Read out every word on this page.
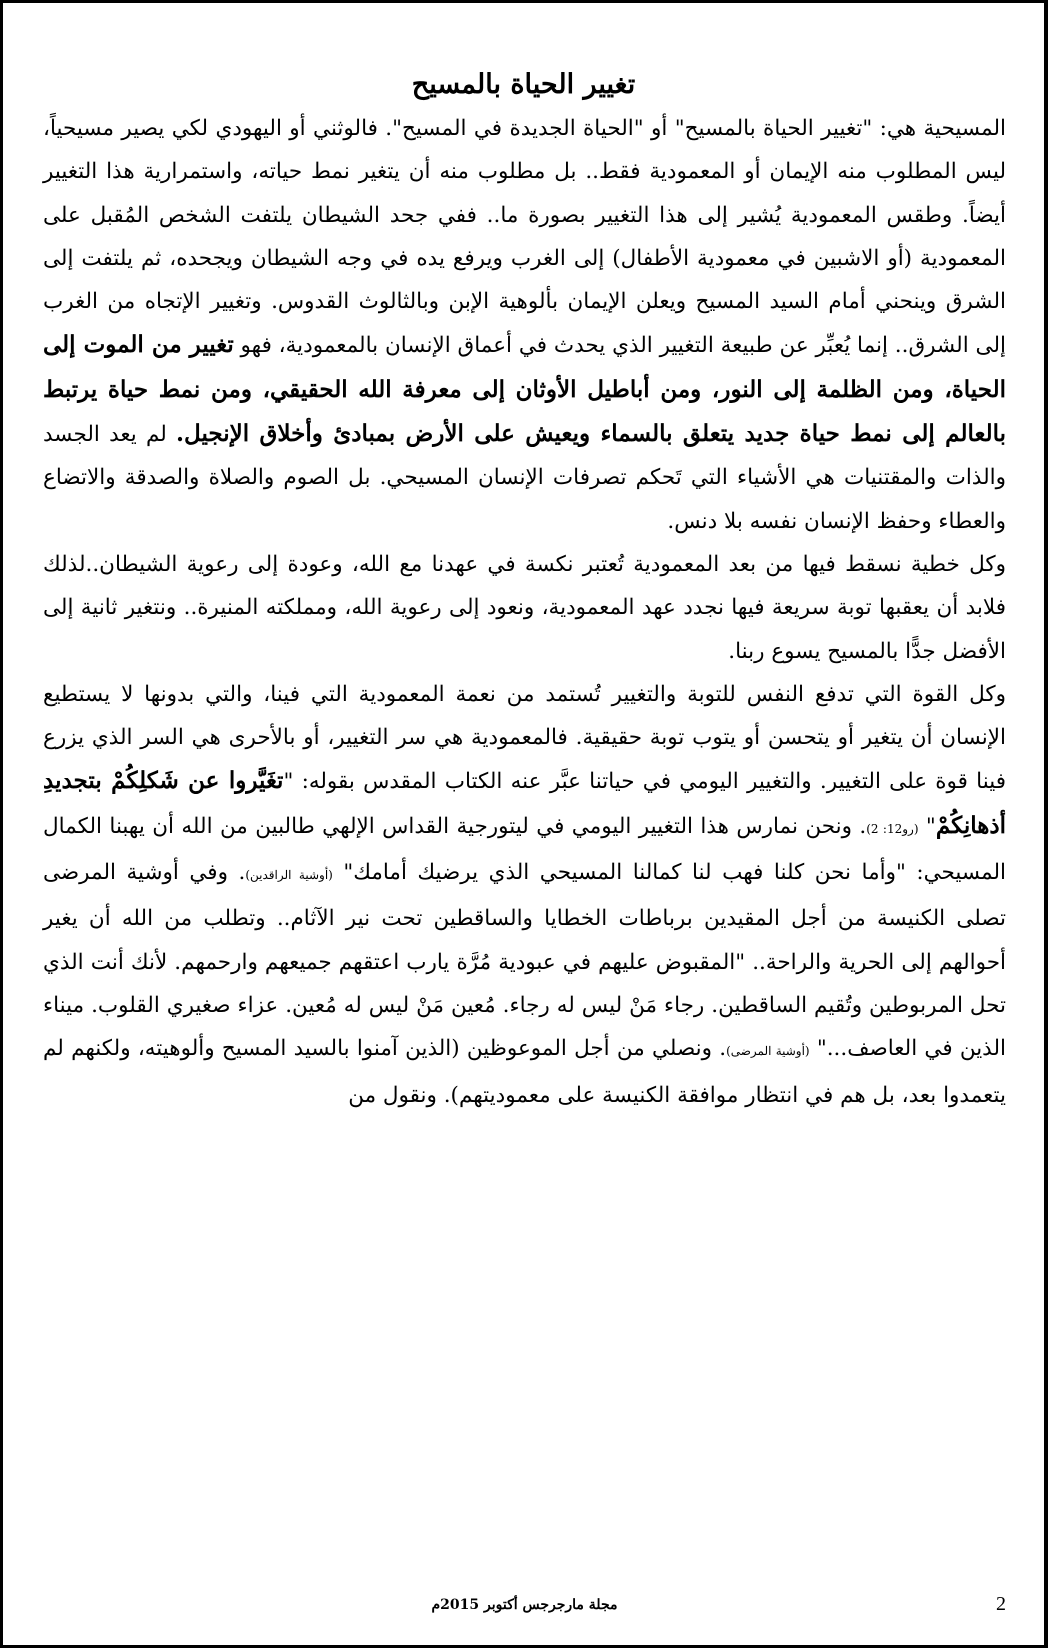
تغيير الحياة بالمسيح

المسيحية هي: "تغيير الحياة بالمسيح" أو "الحياة الجديدة في المسيح". فالوثني أو اليهودي لكي يصير مسيحياً، ليس المطلوب منه الإيمان أو المعمودية فقط.. بل مطلوب منه أن يتغير نمط حياته، واستمرارية هذا التغيير أيضاً. وطقس المعمودية يُشير إلى هذا التغيير بصورة ما.. ففي جحد الشيطان يلتفت الشخص المُقبل على المعمودية (أو الاشبين في معمودية الأطفال) إلى الغرب ويرفع يده في وجه الشيطان ويجحده، ثم يلتفت إلى الشرق وينحني أمام السيد المسيح ويعلن الإيمان بألوهية الإبن وبالثالوث القدوس. وتغيير الإتجاه من الغرب إلى الشرق.. إنما يُعبِّر عن طبيعة التغيير الذي يحدث في أعماق الإنسان بالمعمودية، فهو تغيير من الموت إلى الحياة، ومن الظلمة إلى النور، ومن أباطيل الأوثان إلى معرفة الله الحقيقي، ومن نمط حياة يرتبط بالعالم إلى نمط حياة جديد يتعلق بالسماء ويعيش على الأرض بمبادئ وأخلاق الإنجيل. لم يعد الجسد والذات والمقتنيات هي الأشياء التي تَحكم تصرفات الإنسان المسيحي. بل الصوم والصلاة والصدقة والاتضاع والعطاء وحفظ الإنسان نفسه بلا دنس.

وكل خطية نسقط فيها من بعد المعمودية تُعتبر نكسة في عهدنا مع الله، وعودة إلى رعوية الشيطان..لذلك فلابد أن يعقبها توبة سريعة فيها نجدد عهد المعمودية، ونعود إلى رعوية الله، ومملكته المنيرة.. ونتغير ثانية إلى الأفضل جدًّا بالمسيح يسوع ربنا.

وكل القوة التي تدفع النفس للتوبة والتغيير تُستمد من نعمة المعمودية التي فينا، والتي بدونها لا يستطيع الإنسان أن يتغير أو يتحسن أو يتوب توبة حقيقية. فالمعمودية هي سر التغيير، أو بالأحرى هي السر الذي يزرع فينا قوة على التغيير. والتغيير اليومي في حياتنا عبَّر عنه الكتاب المقدس بقوله: "تغَيَّروا عن شَكلِكُمْ بتجديدِ أذهانِكُمْ" (رو12: 2). ونحن نمارس هذا التغيير اليومي في ليتورجية القداس الإلهي طالبين من الله أن يهبنا الكمال المسيحي: "وأما نحن كلنا فهب لنا كمالنا المسيحي الذي يرضيك أمامك" (أوشية الراقدين). وفي أوشية المرضى تصلى الكنيسة من أجل المقيدين برباطات الخطايا والساقطين تحت نير الآثام.. وتطلب من الله أن يغير أحوالهم إلى الحرية والراحة.. "المقبوض عليهم في عبودية مُرَّة يارب اعتقهم جميعهم وارحمهم. لأنك أنت الذي تحل المربوطين وتُقيم الساقطين. رجاء مَنْ ليس له رجاء. مُعين مَنْ ليس له مُعين. عزاء صغيري القلوب. ميناء الذين في العاصف..." (أوشية المرضى). ونصلي من أجل الموعوظين (الذين آمنوا بالسيد المسيح وألوهيته، ولكنهم لم يتعمدوا بعد، بل هم في انتظار موافقة الكنيسة على معموديتهم). ونقول من

مجلة مارجرجس أكتوبر 2015م	2
